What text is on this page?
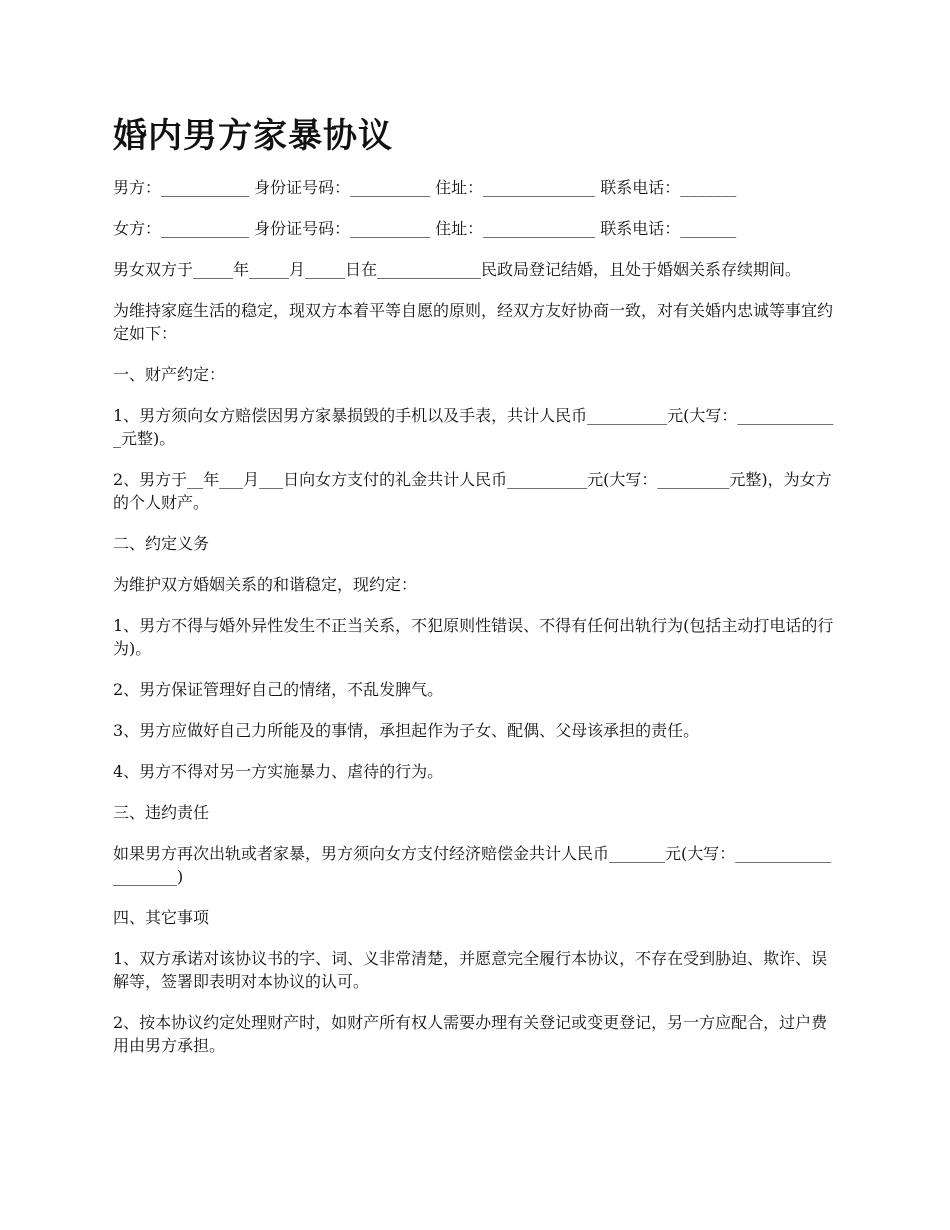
婚内男方家暴协议

男方：___________ 身份证号码：__________ 住址：______________ 联系电话：_______

女方：___________ 身份证号码：__________ 住址：______________ 联系电话：_______

男女双方于_____年_____月_____日在_____________民政局登记结婚，且处于婚姻关系存续期间。

为维持家庭生活的稳定，现双方本着平等自愿的原则，经双方友好协商一致，对有关婚内忠诚等事宜约定如下：

一、财产约定：

1、男方须向女方赔偿因男方家暴损毁的手机以及手表，共计人民币__________元(大写：_____________元整)。

2、男方于__年___月___日向女方支付的礼金共计人民币__________元(大写：_________元整)，为女方的个人财产。

二、约定义务

为维护双方婚姻关系的和谐稳定，现约定：

1、男方不得与婚外异性发生不正当关系，不犯原则性错误、不得有任何出轨行为(包括主动打电话的行为)。

2、男方保证管理好自己的情绪，不乱发脾气。

3、男方应做好自己力所能及的事情，承担起作为子女、配偶、父母该承担的责任。

4、男方不得对另一方实施暴力、虐待的行为。

三、违约责任

如果男方再次出轨或者家暴，男方须向女方支付经济赔偿金共计人民币_______元(大写：____________________)

四、其它事项

1、双方承诺对该协议书的字、词、义非常清楚，并愿意完全履行本协议，不存在受到胁迫、欺诈、误解等，签署即表明对本协议的认可。

2、按本协议约定处理财产时，如财产所有权人需要办理有关登记或变更登记，另一方应配合，过户费用由男方承担。
